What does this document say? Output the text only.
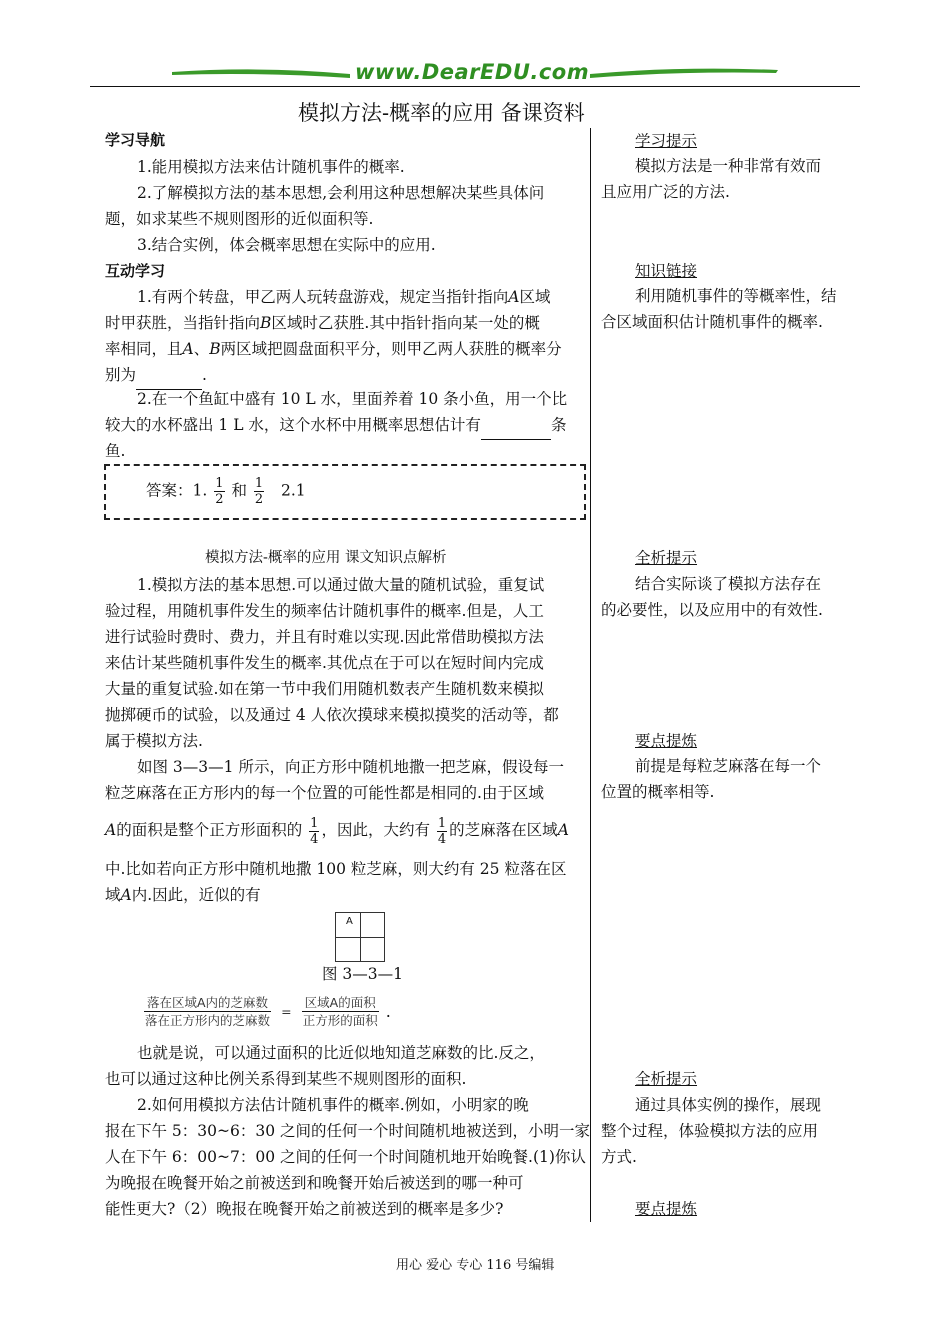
www.DearEDU.com
模拟方法-概率的应用 备课资料
学习导航
1.能用模拟方法来估计随机事件的概率.
2.了解模拟方法的基本思想,会利用这种思想解决某些具体问
题，如求某些不规则图形的近似面积等.
3.结合实例，体会概率思想在实际中的应用.
互动学习
1.有两个转盘，甲乙两人玩转盘游戏，规定当指针指向A区域
时甲获胜，当指针指向B区域时乙获胜.其中指针指向某一处的概
率相同，且A、B两区域把圆盘面积平分，则甲乙两人获胜的概率分
别为	.
2.在一个鱼缸中盛有 10 L 水，里面养着 10 条小鱼，用一个比
较大的水杯盛出 1 L 水，这个水杯中用概率思想估计有	条
鱼.
答案：1. $\frac{1}{2}$ 和 $\frac{1}{2} 2.1$
模拟方法-概率的应用 课文知识点解析
1.模拟方法的基本思想.可以通过做大量的随机试验，重复试
验过程，用随机事件发生的频率估计随机事件的概率.但是，人工
进行试验时费时、费力，并且有时难以实现.因此常借助模拟方法
来估计某些随机事件发生的概率.其优点在于可以在短时间内完成
大量的重复试验.如在第一节中我们用随机数表产生随机数来模拟
抛掷硬币的试验，以及通过 4 人依次摸球来模拟摸奖的活动等，都
属于模拟方法.
如图 3—3—1 所示，向正方形中随机地撒一把芝麻，假设每一
粒芝麻落在正方形内的每一个位置的可能性都是相同的.由于区域
A的面积是整个正方形面积的 $\frac{1}{4}$ ，因此，大约有 $\frac{1}{4}$ 的芝麻落在区域A
中.比如若向正方形中随机地撒 100 粒芝麻，则大约有 25 粒落在区
域A内.因此，近似的有
A
图 3—3—1
$\frac{\text{落在区域A内的芝麻数}}{\text{落在正方形内的芝麻数}} = \frac{\text{区域A的面积}}{\text{正方形的面积}}$ .
也就是说，可以通过面积的比近似地知道芝麻数的比.反之，
也可以通过这种比例关系得到某些不规则图形的面积.
2.如何用模拟方法估计随机事件的概率.例如，小明家的晚
报在下午 5：30~6：30 之间的任何一个时间随机地被送到，小明一家
人在下午 6：00~7：00 之间的任何一个时间随机地开始晚餐.(1)你认
为晚报在晚餐开始之前被送到和晚餐开始后被送到的哪一种可
能性更大?（2）晚报在晚餐开始之前被送到的概率是多少?
学习提示
模拟方法是一种非常有效而
且应用广泛的方法.
知识链接
利用随机事件的等概率性，结
合区域面积估计随机事件的概率.
全析提示
结合实际谈了模拟方法存在
的必要性，以及应用中的有效性.
要点提炼
前提是每粒芝麻落在每一个
位置的概率相等.
全析提示
通过具体实例的操作，展现
整个过程，体验模拟方法的应用
方式.
要点提炼
用心 爱心 专心 116 号编辑
